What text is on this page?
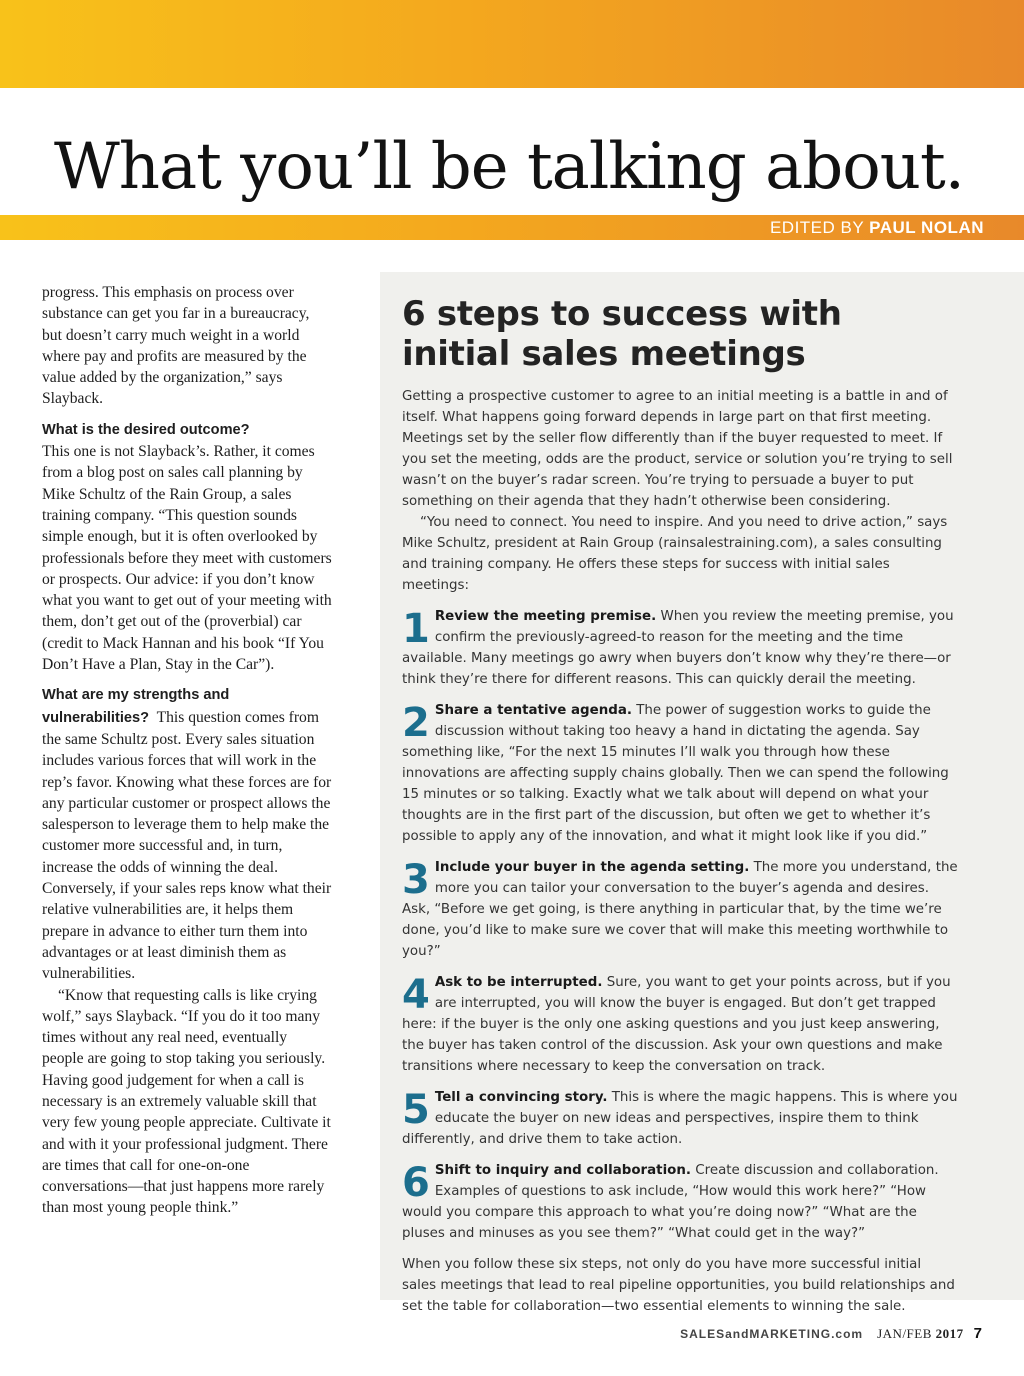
What you’ll be talking about.
EDITED BY PAUL NOLAN

progress. This emphasis on process over substance can get you far in a bureaucracy, but doesn’t carry much weight in a world where pay and profits are measured by the value added by the organization,” says Slayback.

What is the desired outcome?
This one is not Slayback’s. Rather, it comes from a blog post on sales call planning by Mike Schultz of the Rain Group, a sales training company. “This question sounds simple enough, but it is often overlooked by professionals before they meet with customers or prospects. Our advice: if you don’t know what you want to get out of your meeting with them, don’t get out of the (proverbial) car (credit to Mack Hannan and his book “If You Don’t Have a Plan, Stay in the Car”).

What are my strengths and vulnerabilities? This question comes from the same Schultz post. Every sales situation includes various forces that will work in the rep’s favor. Knowing what these forces are for any particular customer or prospect allows the salesperson to leverage them to help make the customer more successful and, in turn, increase the odds of winning the deal. Conversely, if your sales reps know what their relative vulnerabilities are, it helps them prepare in advance to either turn them into advantages or at least diminish them as vulnerabilities.

“Know that requesting calls is like crying wolf,” says Slayback. “If you do it too many times without any real need, eventually people are going to stop taking you seriously. Having good judgement for when a call is necessary is an extremely valuable skill that very few young people appreciate. Cultivate it and with it your professional judgment. There are times that call for one-on-one conversations—that just happens more rarely than most young people think.”

6 steps to success with initial sales meetings

Getting a prospective customer to agree to an initial meeting is a battle in and of itself. What happens going forward depends in large part on that first meeting. Meetings set by the seller flow differently than if the buyer requested to meet. If you set the meeting, odds are the product, service or solution you’re trying to sell wasn’t on the buyer’s radar screen. You’re trying to persuade a buyer to put something on their agenda that they hadn’t otherwise been considering.

“You need to connect. You need to inspire. And you need to drive action,” says Mike Schultz, president at Rain Group (rainsalestraining.com), a sales consulting and training company. He offers these steps for success with initial sales meetings:

1 Review the meeting premise. When you review the meeting premise, you confirm the previously-agreed-to reason for the meeting and the time available. Many meetings go awry when buyers don’t know why they’re there—or think they’re there for different reasons. This can quickly derail the meeting.
2 Share a tentative agenda. The power of suggestion works to guide the discussion without taking too heavy a hand in dictating the agenda. Say something like, “For the next 15 minutes I’ll walk you through how these innovations are affecting supply chains globally. Then we can spend the following 15 minutes or so talking. Exactly what we talk about will depend on what your thoughts are in the first part of the discussion, but often we get to whether it’s possible to apply any of the innovation, and what it might look like if you did.”
3 Include your buyer in the agenda setting. The more you understand, the more you can tailor your conversation to the buyer’s agenda and desires. Ask, “Before we get going, is there anything in particular that, by the time we’re done, you’d like to make sure we cover that will make this meeting worthwhile to you?”
4 Ask to be interrupted. Sure, you want to get your points across, but if you are interrupted, you will know the buyer is engaged. But don’t get trapped here: if the buyer is the only one asking questions and you just keep answering, the buyer has taken control of the discussion. Ask your own questions and make transitions where necessary to keep the conversation on track.
5 Tell a convincing story. This is where the magic happens. This is where you educate the buyer on new ideas and perspectives, inspire them to think differently, and drive them to take action.
6 Shift to inquiry and collaboration. Create discussion and collaboration. Examples of questions to ask include, “How would this work here?” “How would you compare this approach to what you’re doing now?” “What are the pluses and minuses as you see them?” “What could get in the way?”

When you follow these six steps, not only do you have more successful initial sales meetings that lead to real pipeline opportunities, you build relationships and set the table for collaboration—two essential elements to winning the sale.

SALESandMARKETING.com JAN/FEB 2017 7
